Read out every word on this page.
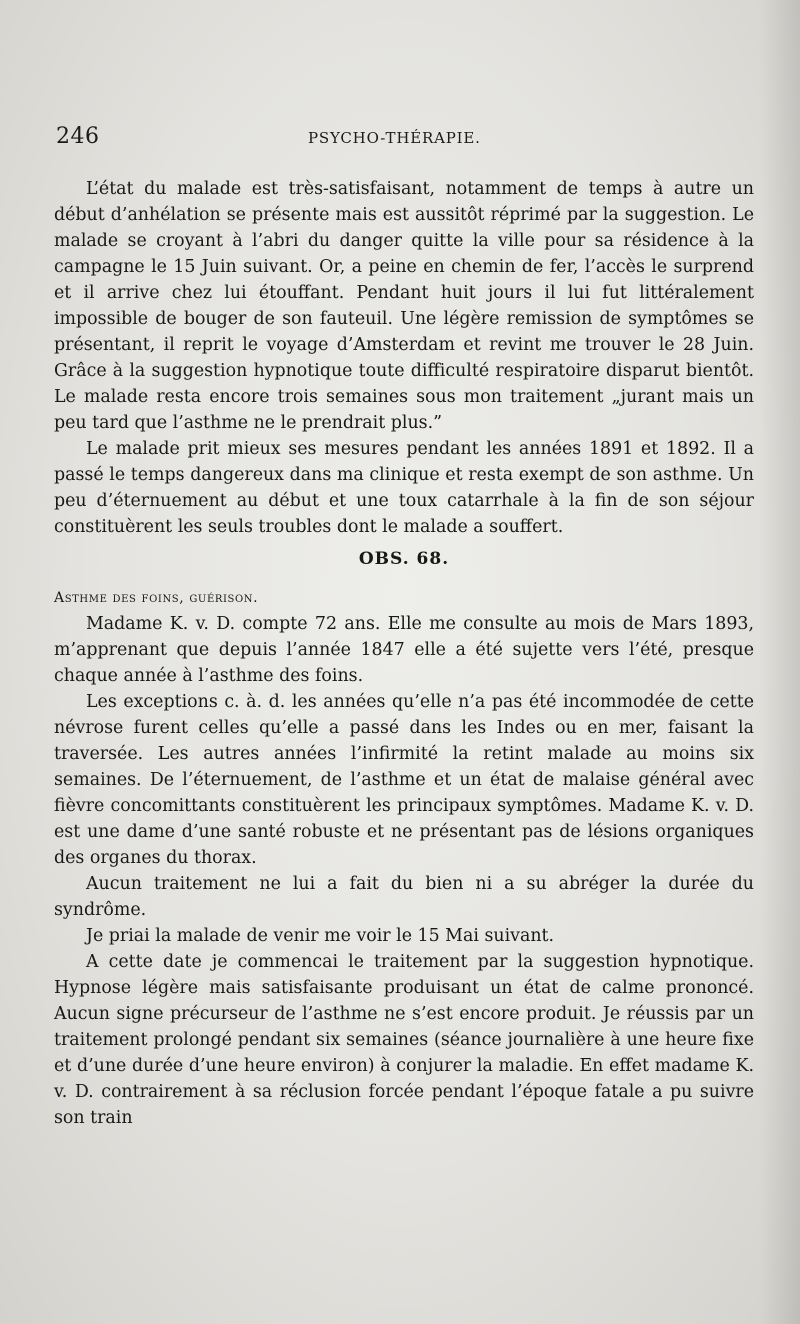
246	PSYCHO-THÉRAPIE.

L’état du malade est très-satisfaisant, notamment de temps à autre un début d’anhélation se présente mais est aussitôt réprimé par la suggestion. Le malade se croyant à l’abri du danger quitte la ville pour sa résidence à la campagne le 15 Juin suivant. Or, a peine en chemin de fer, l’accès le surprend et il arrive chez lui étouffant. Pendant huit jours il lui fut littéralement impossible de bouger de son fauteuil. Une légère remission de symptômes se présentant, il reprit le voyage d’Amsterdam et revint me trouver le 28 Juin. Grâce à la suggestion hypnotique toute difficulté respiratoire disparut bientôt. Le malade resta encore trois semaines sous mon traitement „jurant mais un peu tard que l’asthme ne le prendrait plus.”

Le malade prit mieux ses mesures pendant les années 1891 et 1892. Il a passé le temps dangereux dans ma clinique et resta exempt de son asthme. Un peu d’éternuement au début et une toux catarrhale à la fin de son séjour constituèrent les seuls troubles dont le malade a souffert.

OBS. 68.

Asthme des foins, guérison.

Madame K. v. D. compte 72 ans. Elle me consulte au mois de Mars 1893, m’apprenant que depuis l’année 1847 elle a été sujette vers l’été, presque chaque année à l’asthme des foins.

Les exceptions c. à. d. les années qu’elle n’a pas été incommodée de cette névrose furent celles qu’elle a passé dans les Indes ou en mer, faisant la traversée. Les autres années l’infirmité la retint malade au moins six semaines. De l’éternuement, de l’asthme et un état de malaise général avec fièvre concomittants constituèrent les principaux symptômes. Madame K. v. D. est une dame d’une santé robuste et ne présentant pas de lésions organiques des organes du thorax.

Aucun traitement ne lui a fait du bien ni a su abréger la durée du syndrôme.

Je priai la malade de venir me voir le 15 Mai suivant.

A cette date je commencai le traitement par la suggestion hypnotique. Hypnose légère mais satisfaisante produisant un état de calme prononcé. Aucun signe précurseur de l’asthme ne s’est encore produit. Je réussis par un traitement prolongé pendant six semaines (séance journalière à une heure fixe et d’une durée d’une heure environ) à conjurer la maladie. En effet madame K. v. D. contrairement à sa réclusion forcée pendant l’époque fatale a pu suivre son train
